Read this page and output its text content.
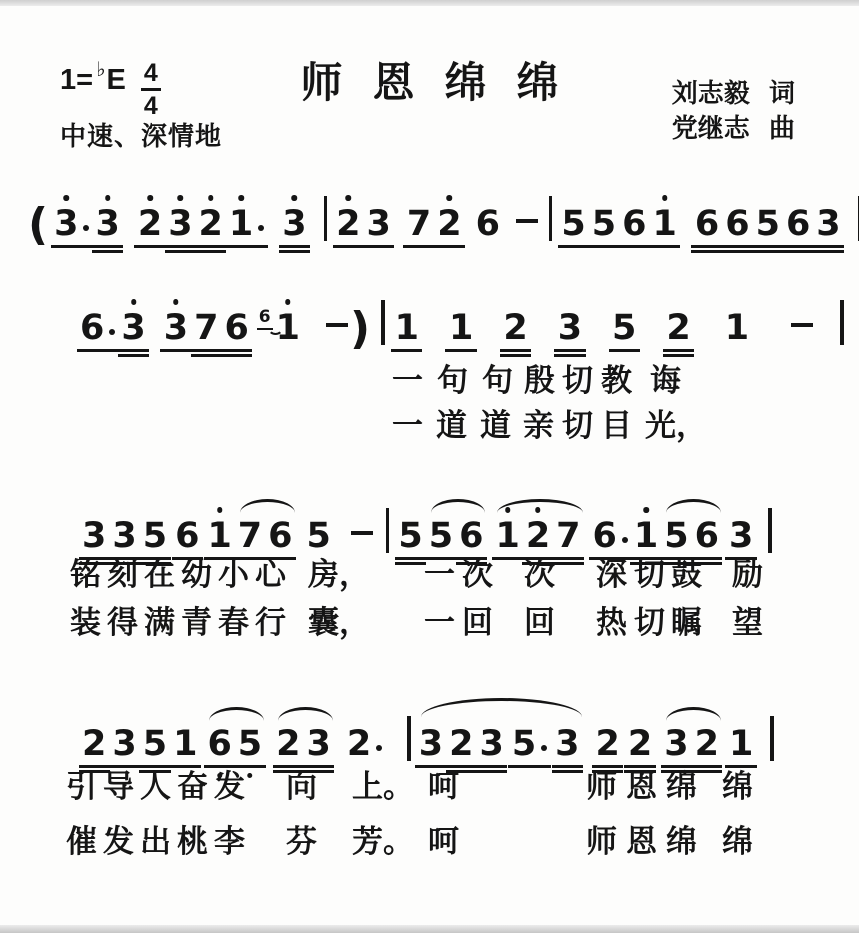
1= ♭ E 4
4
师恩绵绵	刘志毅 词
党继志 曲
中速、深情地
( 3 3 2 3 2 1 3 2 3 7 2 6 5 5 6 1 6 6 5 6 3
6 3 3 7 6 6 1 ) 1 1 2 3 5 2 1
3 3 5 6 1 7 6 5 5 5 6 1 2 7 6 1 5 6 3
2 3 5 1 6 5 2 3 2 3 2 3 5 3 2 2 3 2 1
一 句 句 殷 切 教 诲
一 道 道 亲 切 目 光，
铭刻在幼小心 房， 一 次 次 深 切 鼓 励
装得满青春行 囊， 一 回 回 热 切 瞩 望
引导人奋发 向 上。 呵	师恩绵 绵
催发出桃李 芬 芳。 呵	师恩绵 绵
